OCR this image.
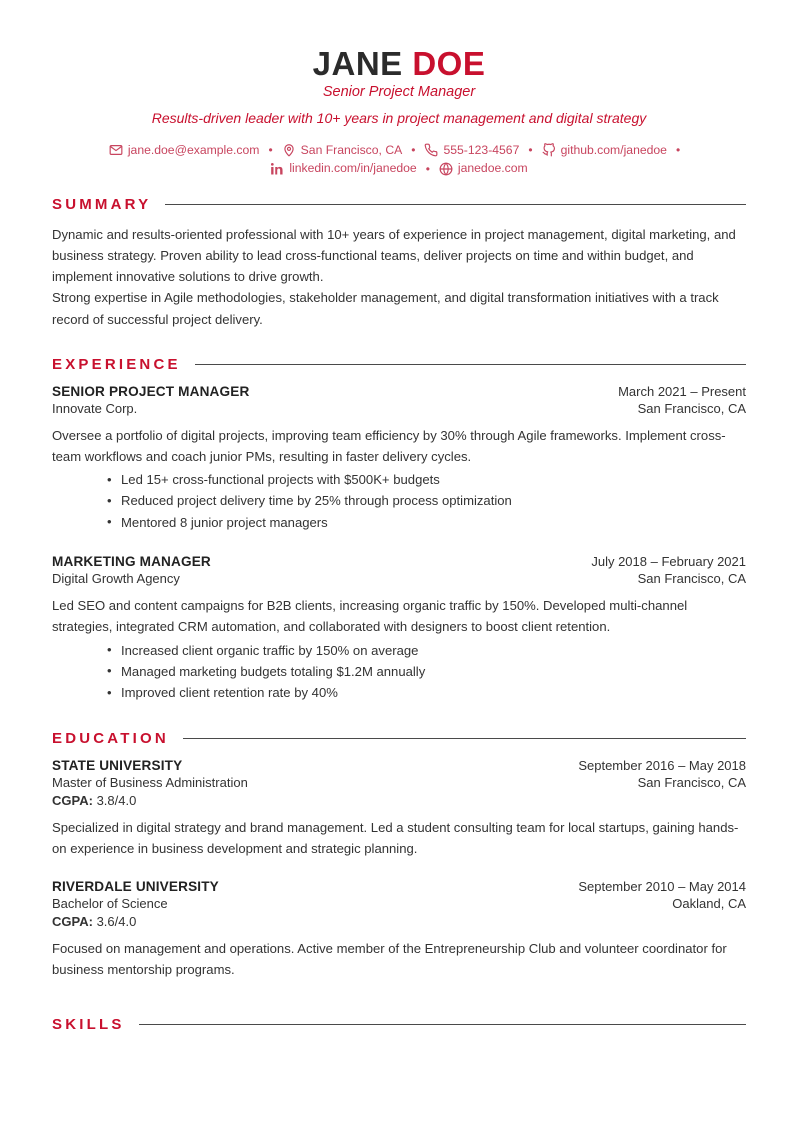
JANE DOE
Senior Project Manager
Results-driven leader with 10+ years in project management and digital strategy
jane.doe@example.com •	San Francisco, CA •	555-123-4567 •	github.com/janedoe •
linkedin.com/in/janedoe •	janedoe.com
SUMMARY

Dynamic and results-oriented professional with 10+ years of experience in project management, digital marketing, and business strategy. Proven ability to lead cross-functional teams, deliver projects on time and within budget, and implement innovative solutions to drive growth.

Strong expertise in Agile methodologies, stakeholder management, and digital transformation initiatives with a track record of successful project delivery.

EXPERIENCE
SENIOR PROJECT MANAGER	March 2021 – Present
Innovate Corp.	San Francisco, CA
Oversee a portfolio of digital projects, improving team efficiency by 30% through Agile frameworks. Implement cross-team workflows and coach junior PMs, resulting in faster delivery cycles.
• Led 15+ cross-functional projects with $500K+ budgets
• Reduced project delivery time by 25% through process optimization
• Mentored 8 junior project managers
MARKETING MANAGER	July 2018 – February 2021
Digital Growth Agency	San Francisco, CA
Led SEO and content campaigns for B2B clients, increasing organic traffic by 150%. Developed multi-channel strategies, integrated CRM automation, and collaborated with designers to boost client retention.
• Increased client organic traffic by 150% on average
• Managed marketing budgets totaling $1.2M annually
• Improved client retention rate by 40%
EDUCATION
STATE UNIVERSITY	September 2016 – May 2018
Master of Business Administration	San Francisco, CA
CGPA: 3.8/4.0
Specialized in digital strategy and brand management. Led a student consulting team for local startups, gaining hands-on experience in business development and strategic planning.
RIVERDALE UNIVERSITY	September 2010 – May 2014
Bachelor of Science	Oakland, CA
CGPA: 3.6/4.0
Focused on management and operations. Active member of the Entrepreneurship Club and volunteer coordinator for business mentorship programs.
SKILLS
